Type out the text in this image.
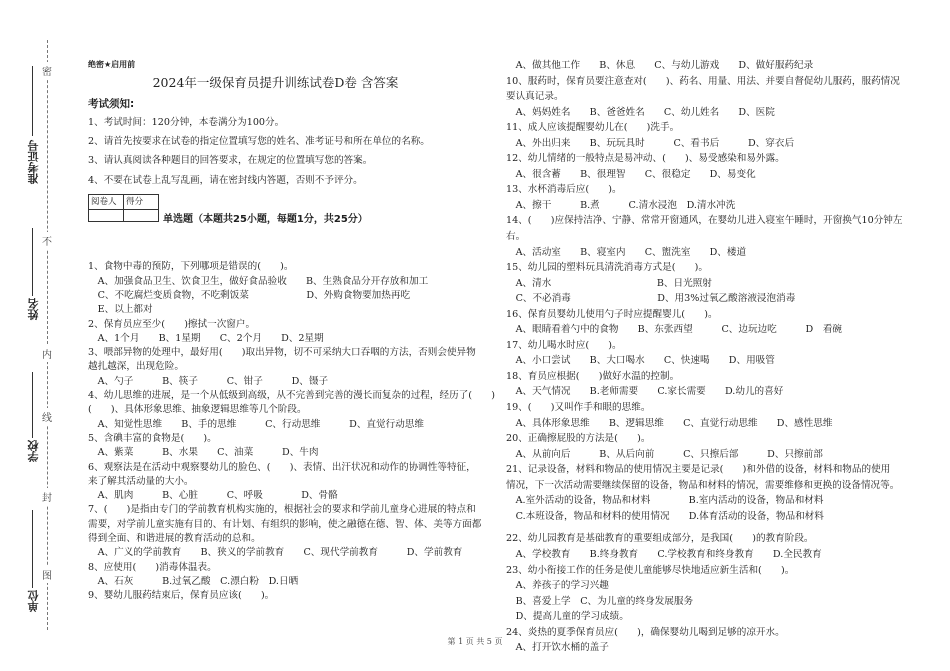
准考证号
姓名
学校
单位
密
不
内
线
封
图
绝密★启用前
2024年一级保育员提升训练试卷D卷 含答案
考试须知:

1、考试时间：120分钟，本卷满分为100分。

2、请首先按要求在试卷的指定位置填写您的姓名、准考证号和所在单位的名称。

3、请认真阅读各种题目的回答要求，在规定的位置填写您的答案。

4、不要在试卷上乱写乱画，请在密封线内答题，否则不予评分。

阅卷人	得分

1、食物中毒的预防，下列哪项是错误的(　　)。

　A、加强食品卫生、饮食卫生，做好食品验收　　B、生熟食品分开存放和加工

　C、不吃腐烂变质食物，不吃剩饭菜　　　　　　D、外购食物要加热再吃

　E、以上都对

2、保育员应至少(　　)擦拭一次窗户。

　A、1个月　　B、1星期　　C、2个月　　D、2星期

3、喂部异物的处理中，最好用(　　)取出异物，切不可采纳大口吞咽的方法，否则会使异物

越扎越深，出现危险。

　A、勺子　　　B、筷子　　　C、钳子　　　D、镊子

4、幼儿思维的进展，是一个从低级到高级，从不完善到完善的漫长而复杂的过程，经历了(　　)

(　　)、具体形象思维、抽象逻辑思维等几个阶段。

　A、知觉性思维　　B、手的思维　　　C、行动思维　　　D、直觉行动思维

5、含碘丰富的食物是(　　)。

　A、紫菜　　　B、水果　　C、油菜　　　D、牛肉

6、观察法是在活动中观察婴幼儿的脸色、(　　)、表情、出汗状况和动作的协调性等特征，

来了解其活动量的大小。

　A、肌肉　　　B、心脏　　　C、呼吸　　　　D、骨骼

7、(　　)是指由专门的学前教育机构实施的，根据社会的要求和学前儿童身心进展的特点和

需要，对学前儿童实施有目的、有计划、有组织的影响，使之融德在德、智、体、美等方面都

得到全面、和谐进展的教育活动的总和。

　A、广义的学前教育　　B、狭义的学前教育　　C、现代学前教育　　　D、学前教育

8、应使用(　　)消毒体温表。

　A、石灰　　　B.过氧乙酸　C.漂白粉　D.日晒

9、婴幼儿服药结束后，保育员应该(　　)。

单选题（本题共25小题，每题1分，共25分）

　A、做其他工作　　B、休息　　C、与幼儿游戏　　D、做好服药纪录

10、服药时，保育员要注意查对(　　)、药名、用量、用法、并要自督促幼儿服药，服药情况

要认真记录。

　A、妈妈姓名　　B、爸爸姓名　　C、幼儿姓名　　D、医院

11、成人应该提醒婴幼儿在(　　)洗手。

　A、外出归来　　B、玩玩具时　　　C、看书后　　　D、穿衣后

12、幼儿情绪的一般特点是易冲动、(　　)、易受感染和易外露。

　A、很含蓄　　B、很理智　　C、很稳定　　D、易变化

13、水杯消毒后应(　　)。

　A、擦干　　　B.煮　　　C.清水浸泡　D.清水冲洗

14、(　　)应保持洁净、宁静、常常开窗通风，在婴幼儿进入寝室午睡时，开窗换气10分钟左

右。

　A、活动室　　B、寝室内　　C、盥洗室　　D、楼道

15、幼儿园的塑料玩具清洗消毒方式是(　　)。

　A、清水　　　　　　　　　　　B、日光照射

　C、不必消毒　　　　　　　　　D、用3%过氧乙酸溶液浸泡消毒

16、保育员婴幼儿使用勺子时应提醒婴儿(　　)。

　A、眼睛看着勺中的食物　　B、东张西望　　　C、边玩边吃　　　D　看碗

17、幼儿喝水时应(　　)。

　A、小口尝试　　B、大口喝水　　C、快速喝　　D、用吸管

18、育员应根据(　　)做好水温的控制。

　A、天气情况　　B.老师需要　　C.家长需要　　D.幼儿的喜好

19、(　　)又叫作手和眼的思维。

　A、具体形象思维　　B、逻辑思维　　C、直觉行动思维　　D、感性思维

20、正确擦屁股的方法是(　　)。

　A、从前向后　　　B、从后向前　　　C、只擦后部　　　D、只擦前部

21、记录设备，材料和物品的使用情况主要是记录(　　)和外借的设备，材料和物品的使用

情况，下一次活动需要继续保留的设备，物品和材料的情况，需要维修和更换的设备情况等。

　A.室外活动的设备，物品和材料　　　　B.室内活动的设备，物品和材料

　C.本班设备，物品和材料的使用情况　　D.体育活动的设备，物品和材料

22、幼儿园教育是基础教育的重要组成部分，是我国(　　)的教育阶段。

　A、学校教育　　B.终身教育　　C.学校教育和终身教育　　D.全民教育

23、幼小衔接工作的任务是使儿童能够尽快地适应新生活和(　　)。

　A、养孩子的学习兴趣

　B、喜爱上学　C、为儿童的终身发展服务

　D、提高儿童的学习成绩。

24、炎热的夏季保育员应(　　)，确保婴幼儿喝到足够的凉开水。

　A、打开饮水桶的盖子

第 1 页 共 5 页
